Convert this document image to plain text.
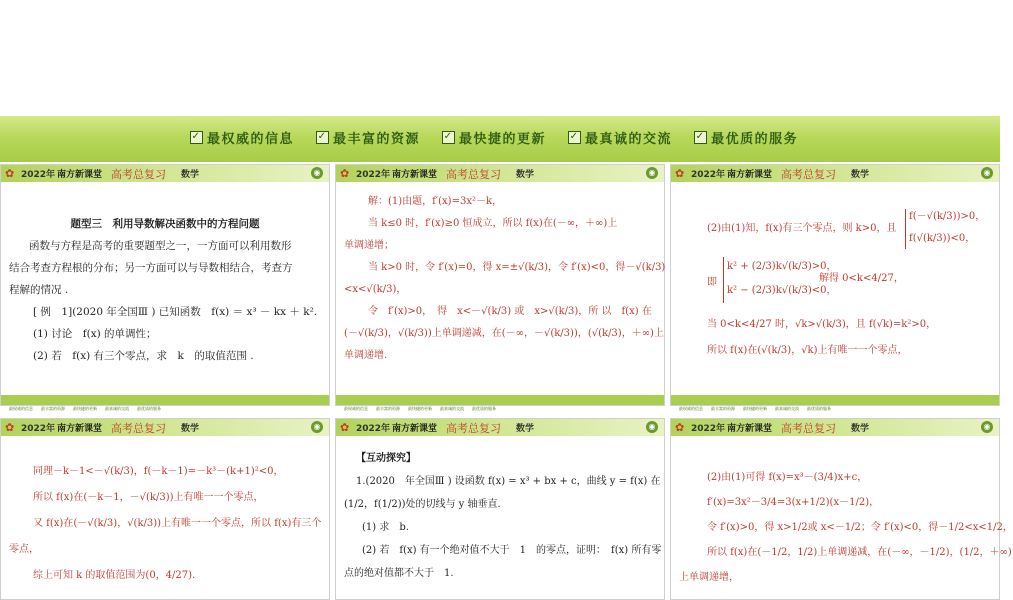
✓ 最权威的信息 ✓ 最丰富的资源 ✓ 最快捷的更新 ✓ 最真诚的交流 ✓ 最优质的服务
✿ 2022年 南方新课堂 高考总复习 数学	◉
题型三　利用导数解决函数中的方程问题
函数与方程是高考的重要题型之一，一方面可以利用数形
结合考查方程根的分布；另一方面可以与导数相结合，考查方
程解的情况 .
[ 例　1](2020 年全国Ⅲ ) 已知函数　f(x) ＝ x³ － kx ＋ k².
(1) 讨论　f(x) 的单调性；
(2) 若　f(x) 有三个零点，求　k　的取值范围 .
最权威的信息 最丰富的资源 最快捷的更新 最真诚的交流 最优质的服务
✿ 2022年 南方新课堂 高考总复习 数学	◉
解：(1)由题，f′(x)=3x²－k，
当 k≤0 时，f′(x)≥0 恒成立，所以 f(x)在(－∞，＋∞)上
单调递增；
当 k>0 时，令 f′(x)=0，得 x=±√(k/3)，令 f′(x)<0，得－√(k/3)
<x<√(k/3)，
令　f′(x)>0，　得　x<－√(k/3) 或　x>√(k/3)，所 以　f(x) 在
(－√(k/3)，√(k/3))上单调递减，在(－∞，－√(k/3))，(√(k/3)，＋∞)上
单调递增.
最权威的信息 最丰富的资源 最快捷的更新 最真诚的交流 最优质的服务
✿ 2022年 南方新课堂 高考总复习 数学	◉
(2)由(1)知，f(x)有三个零点，则 k>0，且
f(－√(k/3))>0，
f(√(k/3))<0，
即
k² + (2/3)k√(k/3)>0，
k² − (2/3)k√(k/3)<0，
解得 0<k<4/27，
当 0<k<4/27 时，√k>√(k/3)，且 f(√k)=k²>0，
所以 f(x)在(√(k/3)，√k)上有唯一一个零点，
最权威的信息 最丰富的资源 最快捷的更新 最真诚的交流 最优质的服务
✿ 2022年 南方新课堂 高考总复习 数学	◉
同理－k－1<－√(k/3)，f(－k－1)=－k³－(k+1)²<0，
所以 f(x)在(－k－1，－√(k/3))上有唯一一个零点，
又 f(x)在(－√(k/3)，√(k/3))上有唯一一个零点，所以 f(x)有三个
零点，
综上可知 k 的取值范围为(0，4/27).
✿ 2022年 南方新课堂 高考总复习 数学	◉
【互动探究】
1.(2020　年全国Ⅲ ) 设函数 f(x) = x³ + bx + c，曲线 y = f(x) 在
(1/2，f(1/2))处的切线与 y 轴垂直.
(1) 求　b.
(2) 若　f(x) 有一个绝对值不大于　1　的零点，证明：　f(x) 所有零
点的绝对值都不大于　1.
✿ 2022年 南方新课堂 高考总复习 数学	◉
(2)由(1)可得 f(x)=x³－(3/4)x+c，
f′(x)=3x²－3/4=3(x+1/2)(x－1/2)，
令 f′(x)>0，得 x>1/2或 x<－1/2；令 f′(x)<0，得－1/2<x<1/2，
所以 f(x)在(－1/2，1/2)上单调递减，在(－∞，－1/2)，(1/2，＋∞)
上单调递增，
